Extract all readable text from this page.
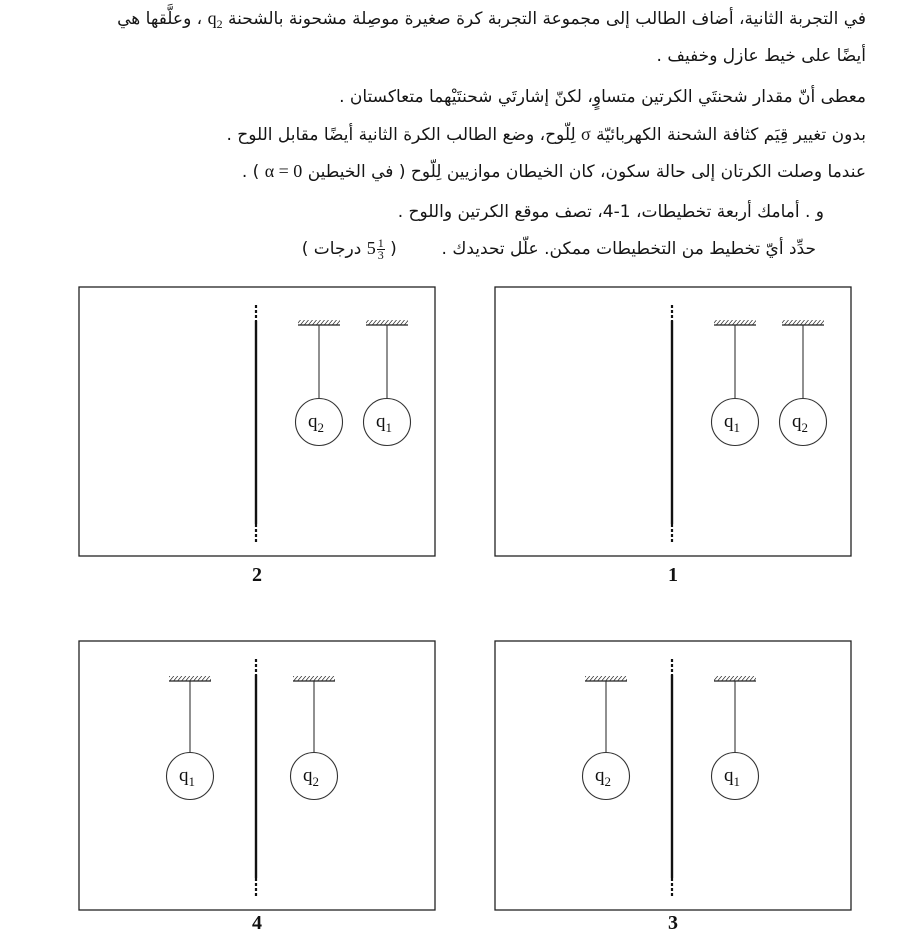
في التجربة الثانية، أضاف الطالب إلى مجموعة التجربة كرة صغيرة موصِلة مشحونة بالشحنة $q_2$ ، وعلَّقها هي
أيضًا على خيط عازل وخفيف .
معطى أنّ مقدار شحنتَي الكرتين متساوٍ، لكنّ إشارتَي شحنتَيْهما متعاكستان .
بدون تغيير قِيَم كثافة الشحنة الكهربائيّة σ لِلّوح، وضع الطالب الكرة الثانية أيضًا مقابل اللوح .
عندما وصلت الكرتان إلى حالة سكون، كان الخيطان موازيين لِلّوح ( في الخيطين α = 0 ) .
و . أمامك أربعة تخطيطات، 1-4، تصف موقع الكرتين واللوح .
حدِّد أيّ تخطيط من التخطيطات ممكن. علّل تحديدك .  ( $5 \frac{1}{3}$
درجات )
$q_1$	$q_2$
1
$q_2$	$q_1$
2
$q_2$	$q_1$
3
$q_1$	$q_2$
4
